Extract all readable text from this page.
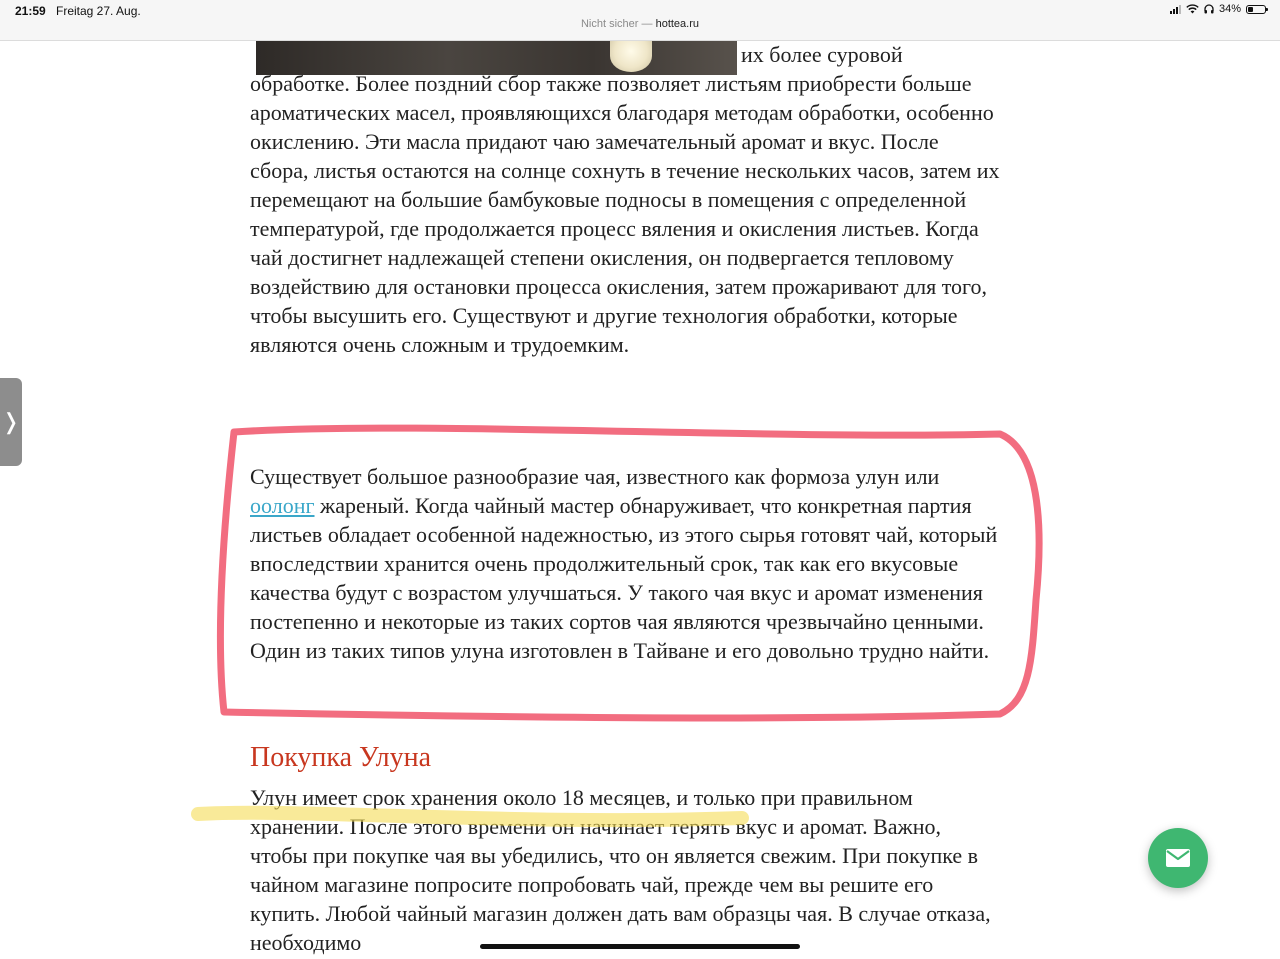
21:59 Freitag 27. Aug.
Nicht sicher — hottea.ru
34%

их более суровой
обработке. Более поздний сбор также позволяет листьям приобрести больше ароматических масел, проявляющихся благодаря методам обработки, особенно окислению. Эти масла придают чаю замечательный аромат и вкус. После сбора, листья остаются на солнце сохнуть в течение нескольких часов, затем их перемещают на большие бамбуковые подносы в помещения с определенной температурой, где продолжается процесс вяления и окисления листьев. Когда чай достигнет надлежащей степени окисления, он подвергается тепловому воздействию для остановки процесса окисления, затем прожаривают для того, чтобы высушить его. Существуют и другие технология обработки, которые являются очень сложным и трудоемким.

Существует большое разнообразие чая, известного как формоза улун или оолонг жареный. Когда чайный мастер обнаруживает, что конкретная партия листьев обладает особенной надежностью, из этого сырья готовят чай, который впоследствии хранится очень продолжительный срок, так как его вкусовые качества будут с возрастом улучшаться. У такого чая вкус и аромат изменения постепенно и некоторые из таких сортов чая являются чрезвычайно ценными. Один из таких типов улуна изготовлен в Тайване и его довольно трудно найти.

Покупка Улуна

Улун имеет срок хранения около 18 месяцев, и только при правильном хранении. После этого времени он начинает терять вкус и аромат. Важно, чтобы при покупке чая вы убедились, что он является свежим. При покупке в чайном магазине попросите попробовать чай, прежде чем вы решите его купить. Любой чайный магазин должен дать вам образцы чая. В случае отказа, необходимо

❭
